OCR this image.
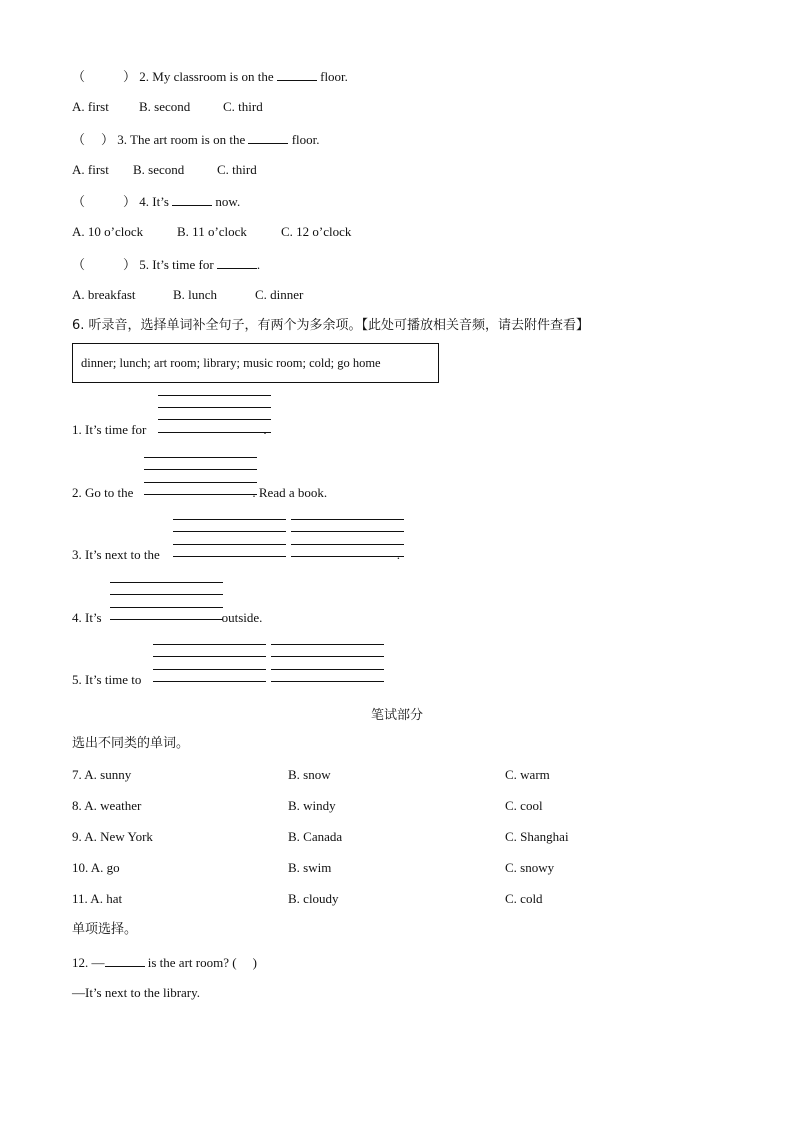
（	） 2. My classroom is on the	floor.
A. first B. second	C. third
（ ） 3. The art room is on the	floor.
A. first B. second	C. third
（	） 4. It’s	now.
A. 10 o’clock	B. 11 o’clock	C. 12 o’clock
（	） 5. It’s time for	.
A. breakfast	B. lunch	C. dinner
6. 听录音，选择单词补全句子，有两个为多余项。【此处可播放相关音频，请去附件查看】
dinner; lunch; art room; library; music room; cold; go home
1. It’s time for	.
2. Go to the	. Read a book.
3. It’s next to the	.
4. It’s	outside.
5. It’s time to
笔试部分
选出不同类的单词。
7. A. sunny	B. snow	C. warm
8. A. weather	B. windy	C. cool
9. A. New York	B. Canada	C. Shanghai
10. A. go	B. swim	C. snowy
11. A. hat	B. cloudy	C. cold
单项选择。
12. —	is the art room? ( )
—It’s next to the library.
